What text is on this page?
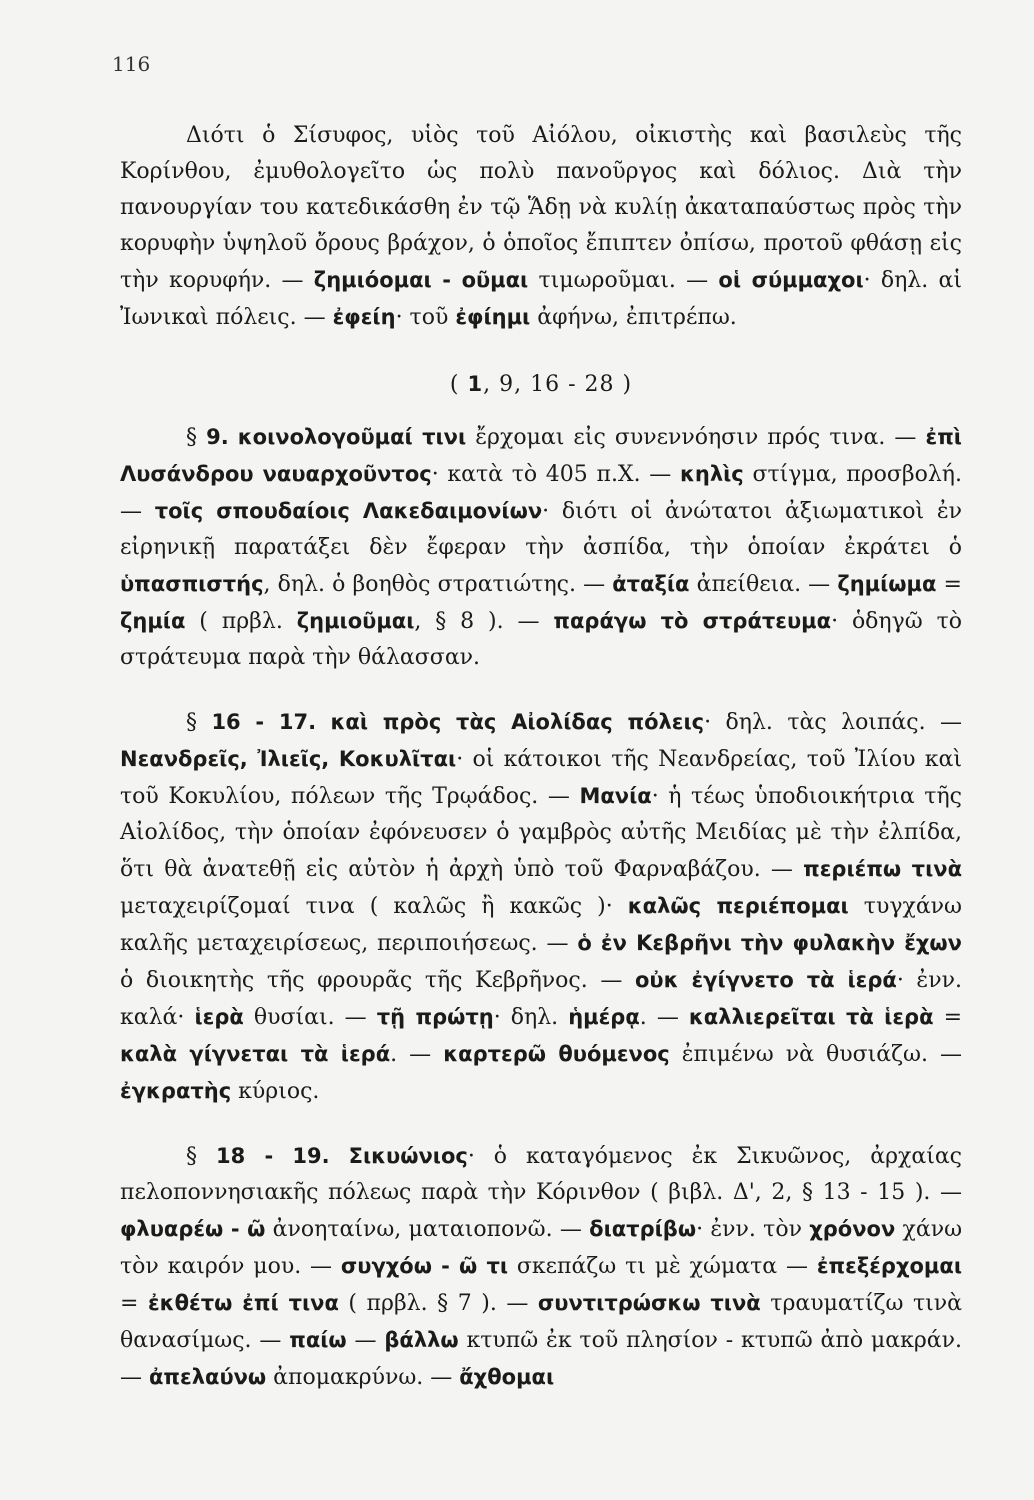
116

Διότι ὁ Σίσυφος, υἱὸς τοῦ Αἰόλου, οἰκιστὴς καὶ βασιλεὺς τῆς Κορίνθου, ἐμυθολογεῖτο ὡς πολὺ πανοῦργος καὶ δόλιος. Διὰ τὴν πανουργίαν του κατεδικάσθη ἐν τῷ Ἅδῃ νὰ κυλίῃ ἀκαταπαύστως πρὸς τὴν κορυφὴν ὑψηλοῦ ὄρους βράχον, ὁ ὁποῖος ἔπιπτεν ὀπίσω, προτοῦ φθάσῃ εἰς τὴν κορυφήν. — ζημιόομαι - οῦμαι τιμωροῦμαι. — οἱ σύμμαχοι· δηλ. αἱ Ἰωνικαὶ πόλεις. — ἐφείη· τοῦ ἐφίημι ἀφήνω, ἐπιτρέπω.

( 1, 9, 16 - 28 )

§ 9. κοινολογοῦμαί τινι ἔρχομαι εἰς συνεννόησιν πρός τινα. — ἐπὶ Λυσάνδρου ναυαρχοῦντος· κατὰ τὸ 405 π.Χ. — κηλὶς στίγμα, προσβολή. — τοῖς σπουδαίοις Λακεδαιμονίων· διότι οἱ ἀνώτατοι ἀξιωματικοὶ ἐν εἰρηνικῇ παρατάξει δὲν ἔφεραν τὴν ἀσπίδα, τὴν ὁποίαν ἐκράτει ὁ ὑπασπιστής, δηλ. ὁ βοηθὸς στρατιώτης. — ἀταξία ἀπείθεια. — ζημίωμα = ζημία ( πρβλ. ζημιοῦμαι, § 8 ). — παράγω τὸ στράτευμα· ὁδηγῶ τὸ στράτευμα παρὰ τὴν θάλασσαν.

§ 16 - 17. καὶ πρὸς τὰς Αἰολίδας πόλεις· δηλ. τὰς λοιπάς. — Νεανδρεῖς, Ἰλιεῖς, Κοκυλῖται· οἱ κάτοικοι τῆς Νεανδρείας, τοῦ Ἰλίου καὶ τοῦ Κοκυλίου, πόλεων τῆς Τρῳάδος. — Μανία· ἡ τέως ὑποδιοικήτρια τῆς Αἰολίδος, τὴν ὁποίαν ἐφόνευσεν ὁ γαμβρὸς αὐτῆς Μειδίας μὲ τὴν ἐλπίδα, ὅτι θὰ ἀνατεθῇ εἰς αὐτὸν ἡ ἀρχὴ ὑπὸ τοῦ Φαρναβάζου. — περιέπω τινὰ μεταχειρίζομαί τινα ( καλῶς ἢ κακῶς )· καλῶς περιέπομαι τυγχάνω καλῆς μεταχειρίσεως, περιποιήσεως. — ὁ ἐν Κεβρῆνι τὴν φυλακὴν ἔχων ὁ διοικητὴς τῆς φρουρᾶς τῆς Κεβρῆνος. — οὐκ ἐγίγνετο τὰ ἱερά· ἐνν. καλά· ἱερὰ θυσίαι. — τῇ πρώτῃ· δηλ. ἡμέρᾳ. — καλλιερεῖται τὰ ἱερὰ = καλὰ γίγνεται τὰ ἱερά. — καρτερῶ θυόμενος ἐπιμένω νὰ θυσιάζω. — ἐγκρατὴς κύριος.

§ 18 - 19. Σικυώνιος· ὁ καταγόμενος ἐκ Σικυῶνος, ἀρχαίας πελοποννησιακῆς πόλεως παρὰ τὴν Κόρινθον ( βιβλ. Δ', 2, § 13 - 15 ). — φλυαρέω - ῶ ἀνοηταίνω, ματαιοπονῶ. — διατρίβω· ἐνν. τὸν χρόνον χάνω τὸν καιρόν μου. — συγχόω - ῶ τι σκεπάζω τι μὲ χώματα — ἐπεξέρχομαι = ἐκθέτω ἐπί τινα ( πρβλ. § 7 ). — συντιτρώσκω τινὰ τραυματίζω τινὰ θανασίμως. — παίω — βάλλω κτυπῶ ἐκ τοῦ πλησίον - κτυπῶ ἀπὸ μακράν. — ἀπελαύνω ἀπομακρύνω. — ἄχθομαι
